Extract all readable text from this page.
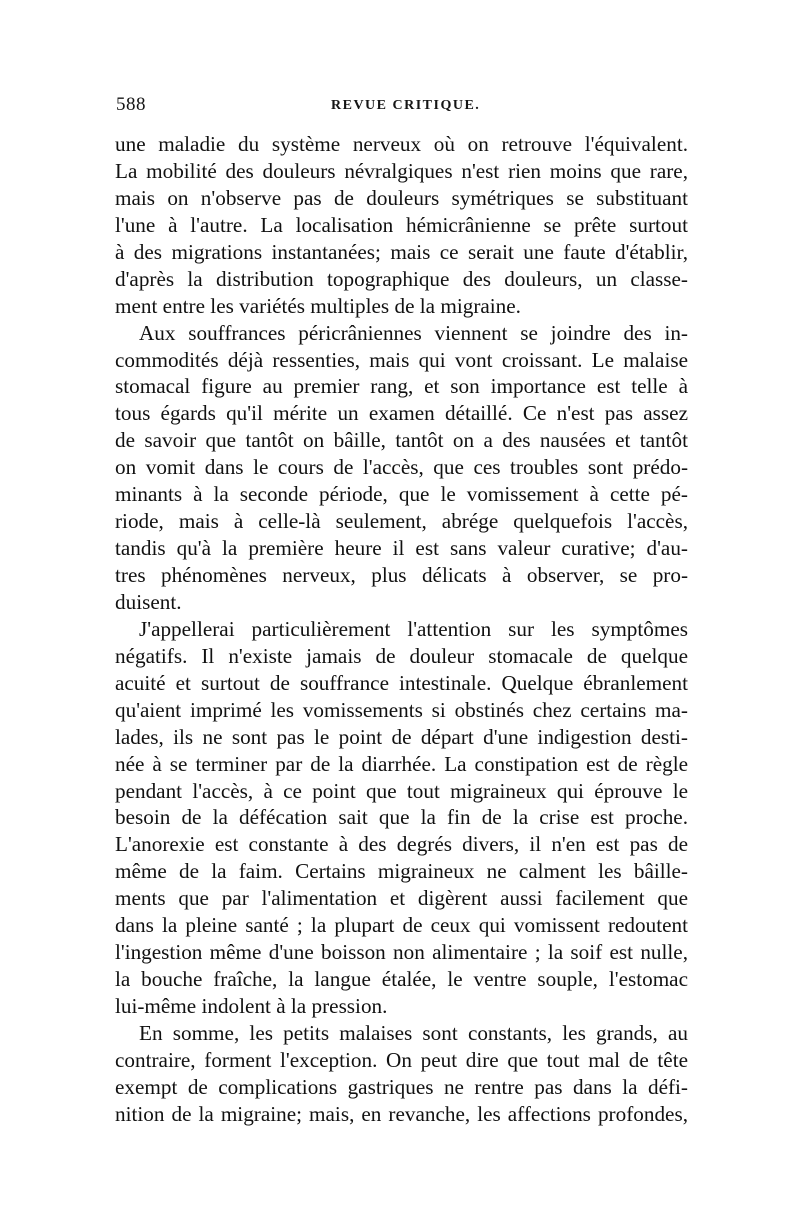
588	REVUE CRITIQUE.
une maladie du système nerveux où on retrouve l'équivalent.
La mobilité des douleurs névralgiques n'est rien moins que rare,
mais on n'observe pas de douleurs symétriques se substituant
l'une à l'autre. La localisation hémicrânienne se prête surtout
à des migrations instantanées; mais ce serait une faute d'établir,
d'après la distribution topographique des douleurs, un classe-
ment entre les variétés multiples de la migraine.
Aux souffrances péricrâniennes viennent se joindre des in-
commodités déjà ressenties, mais qui vont croissant. Le malaise
stomacal figure au premier rang, et son importance est telle à
tous égards qu'il mérite un examen détaillé. Ce n'est pas assez
de savoir que tantôt on bâille, tantôt on a des nausées et tantôt
on vomit dans le cours de l'accès, que ces troubles sont prédo-
minants à la seconde période, que le vomissement à cette pé-
riode, mais à celle-là seulement, abrége quelquefois l'accès,
tandis qu'à la première heure il est sans valeur curative; d'au-
tres phénomènes nerveux, plus délicats à observer, se pro-
duisent.
J'appellerai particulièrement l'attention sur les symptômes
négatifs. Il n'existe jamais de douleur stomacale de quelque
acuité et surtout de souffrance intestinale. Quelque ébranlement
qu'aient imprimé les vomissements si obstinés chez certains ma-
lades, ils ne sont pas le point de départ d'une indigestion desti-
née à se terminer par de la diarrhée. La constipation est de règle
pendant l'accès, à ce point que tout migraineux qui éprouve le
besoin de la défécation sait que la fin de la crise est proche.
L'anorexie est constante à des degrés divers, il n'en est pas de
même de la faim. Certains migraineux ne calment les bâille-
ments que par l'alimentation et digèrent aussi facilement que
dans la pleine santé ; la plupart de ceux qui vomissent redoutent
l'ingestion même d'une boisson non alimentaire ; la soif est nulle,
la bouche fraîche, la langue étalée, le ventre souple, l'estomac
lui-même indolent à la pression.
En somme, les petits malaises sont constants, les grands, au
contraire, forment l'exception. On peut dire que tout mal de tête
exempt de complications gastriques ne rentre pas dans la défi-
nition de la migraine; mais, en revanche, les affections profondes,
